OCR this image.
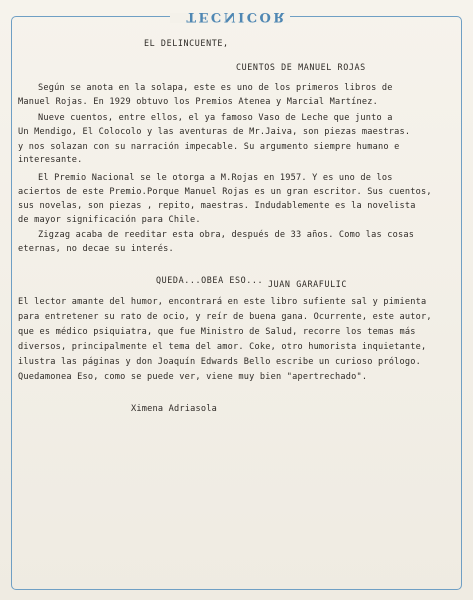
TECNICOR
EL DELINCUENTE,
CUENTOS DE MANUEL ROJAS
Según se anota en la solapa, este es uno de los primeros libros de
Manuel Rojas. En 1929 obtuvo los Premios Atenea y Marcial Martínez.
Nueve cuentos, entre ellos, el ya famoso Vaso de Leche que junto a
Un Mendigo, El Colocolo y las aventuras de Mr.Jaiva, son piezas maestras.
y nos solazan con su narración impecable. Su argumento siempre humano e
interesante.
El Premio Nacional se le otorga a M.Rojas en 1957. Y es uno de los
aciertos de este Premio.Porque Manuel Rojas es un gran escritor. Sus cuentos,
sus novelas, son piezas , repito, maestras. Indudablemente es la novelista
de mayor significación para Chile.
Zigzag acaba de reeditar esta obra, después de 33 años. Como las cosas
eternas, no decae su interés.
QUEDA...OBEA ESO... JUAN GARAFULIC
El lector amante del humor, encontrará en este libro sufiente sal y pimienta
para entretener su rato de ocio, y reír de buena gana. Ocurrente, este autor,
que es médico psiquiatra, que fue Ministro de Salud, recorre los temas más
diversos, principalmente el tema del amor. Coke, otro humorista inquietante,
ilustra las páginas y don Joaquín Edwards Bello escribe un curioso prólogo.
Quedamonea Eso, como se puede ver, viene muy bien "apertrechado".
Ximena Adriasola
